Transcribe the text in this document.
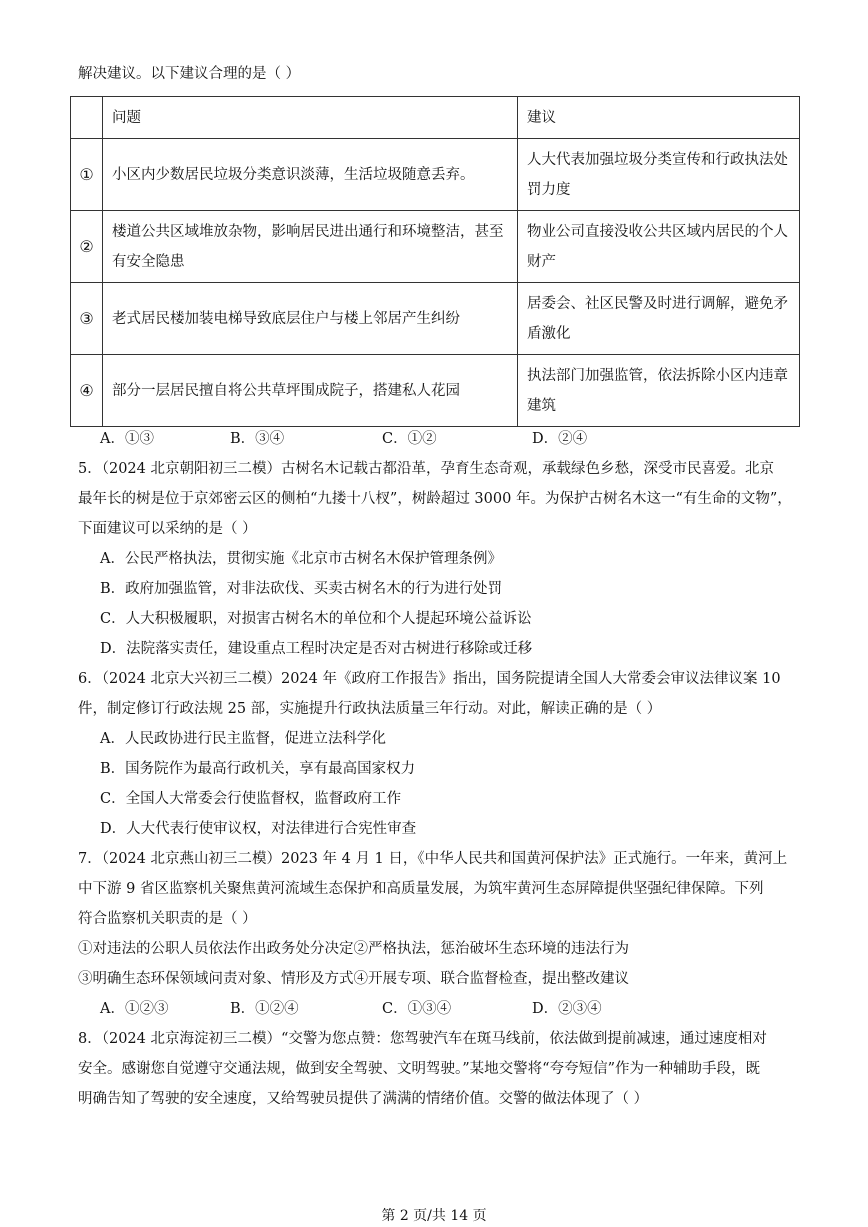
解决建议。以下建议合理的是（ ）
	问题	建议
①	小区内少数居民垃圾分类意识淡薄，生活垃圾随意丢弃。	人大代表加强垃圾分类宣传和行政执法处罚力度
②	楼道公共区域堆放杂物，影响居民进出通行和环境整洁，甚至有安全隐患	物业公司直接没收公共区域内居民的个人财产
③	老式居民楼加装电梯导致底层住户与楼上邻居产生纠纷	居委会、社区民警及时进行调解，避免矛盾激化
④	部分一层居民擅自将公共草坪围成院子，搭建私人花园	执法部门加强监管，依法拆除小区内违章建筑
A．①③	B．③④	C．①②	D．②④
5．（2024 北京朝阳初三二模）古树名木记载古都沿革，孕育生态奇观，承载绿色乡愁，深受市民喜爱。北京
最年长的树是位于京郊密云区的侧柏“九搂十八杈”，树龄超过 3000 年。为保护古树名木这一“有生命的文物”，
下面建议可以采纳的是（ ）
A．公民严格执法，贯彻实施《北京市古树名木保护管理条例》
B．政府加强监管，对非法砍伐、买卖古树名木的行为进行处罚
C．人大积极履职，对损害古树名木的单位和个人提起环境公益诉讼
D．法院落实责任，建设重点工程时决定是否对古树进行移除或迁移
6．（2024 北京大兴初三二模）2024 年《政府工作报告》指出，国务院提请全国人大常委会审议法律议案 10
件，制定修订行政法规 25 部，实施提升行政执法质量三年行动。对此，解读正确的是（ ）
A．人民政协进行民主监督，促进立法科学化
B．国务院作为最高行政机关，享有最高国家权力
C．全国人大常委会行使监督权，监督政府工作
D．人大代表行使审议权，对法律进行合宪性审查
7．（2024 北京燕山初三二模）2023 年 4 月 1 日，《中华人民共和国黄河保护法》正式施行。一年来，黄河上
中下游 9 省区监察机关聚焦黄河流域生态保护和高质量发展，为筑牢黄河生态屏障提供坚强纪律保障。下列
符合监察机关职责的是（ ）
①对违法的公职人员依法作出政务处分决定②严格执法，惩治破坏生态环境的违法行为
③明确生态环保领域问责对象、情形及方式④开展专项、联合监督检查，提出整改建议
A．①②③	B．①②④	C．①③④	D．②③④
8．（2024 北京海淀初三二模）“交警为您点赞：您驾驶汽车在斑马线前，依法做到提前减速，通过速度相对
安全。感谢您自觉遵守交通法规，做到安全驾驶、文明驾驶。”某地交警将“夸夸短信”作为一种辅助手段，既
明确告知了驾驶的安全速度，又给驾驶员提供了满满的情绪价值。交警的做法体现了（ ）
第 2 页/共 14 页
